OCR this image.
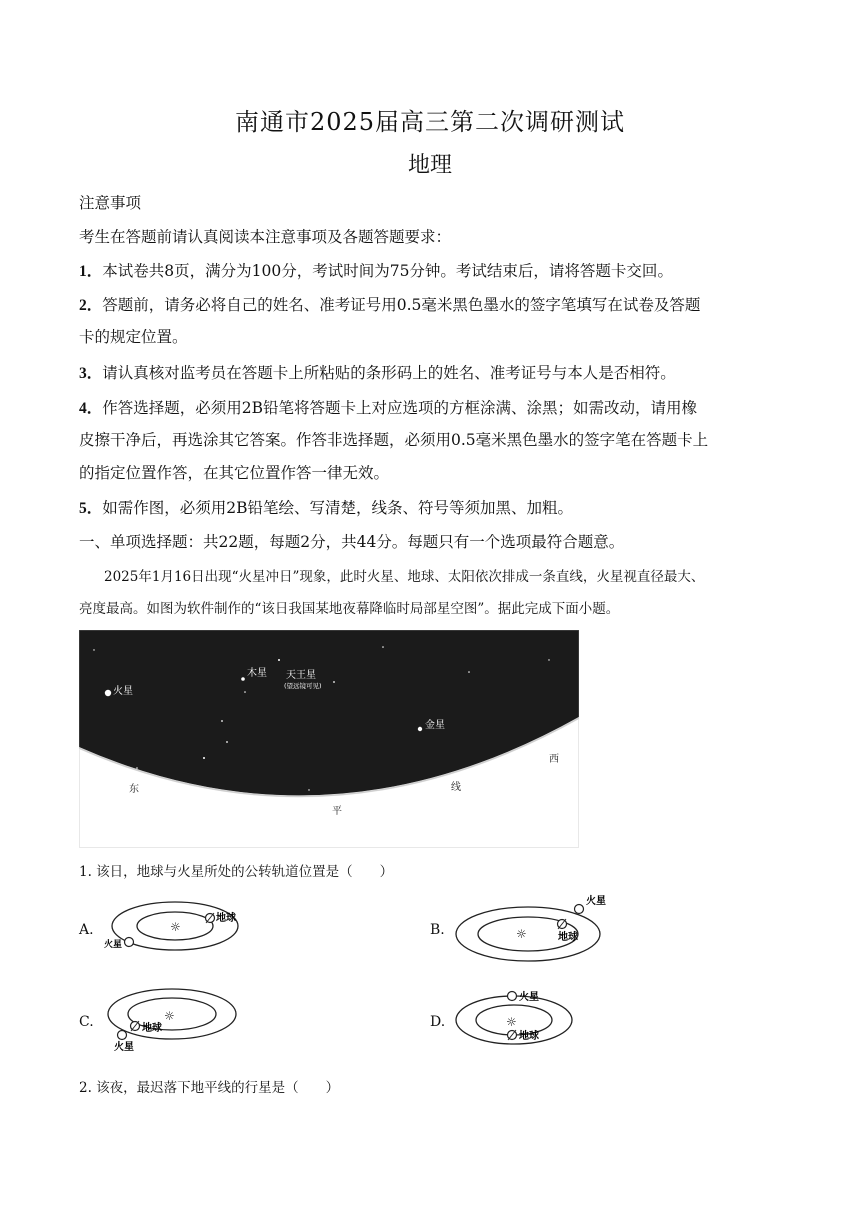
南通市2025届高三第二次调研测试
地理
注意事项
考生在答题前请认真阅读本注意事项及各题答题要求：
1．本试卷共8页，满分为100分，考试时间为75分钟。考试结束后，请将答题卡交回。
2．答题前，请务必将自己的姓名、准考证号用0.5毫米黑色墨水的签字笔填写在试卷及答题
卡的规定位置。
3．请认真核对监考员在答题卡上所粘贴的条形码上的姓名、准考证号与本人是否相符。
4．作答选择题，必须用2B铅笔将答题卡上对应选项的方框涂满、涂黑；如需改动，请用橡
皮擦干净后，再选涂其它答案。作答非选择题，必须用0.5毫米黑色墨水的签字笔在答题卡上
的指定位置作答，在其它位置作答一律无效。
5．如需作图，必须用2B铅笔绘、写清楚，线条、符号等须加黑、加粗。
一、单项选择题：共22题，每题2分，共44分。每题只有一个选项最符合题意。
2025年1月16日出现“火星冲日”现象，此时火星、地球、太阳依次排成一条直线，火星视直径最大、
亮度最高。如图为软件制作的“该日我国某地夜幕降临时局部星空图”。据此完成下面小题。
火星
木星 天王星
(望远镜可见)
金星
东
平
线
西
1. 该日，地球与火星所处的公转轨道位置是（　　）
A.	☼
地球
火星
B.	☼	地球
火星
C.	☼
地球
火星
D.	☼
地球
火星
2. 该夜，最迟落下地平线的行星是（　　）
